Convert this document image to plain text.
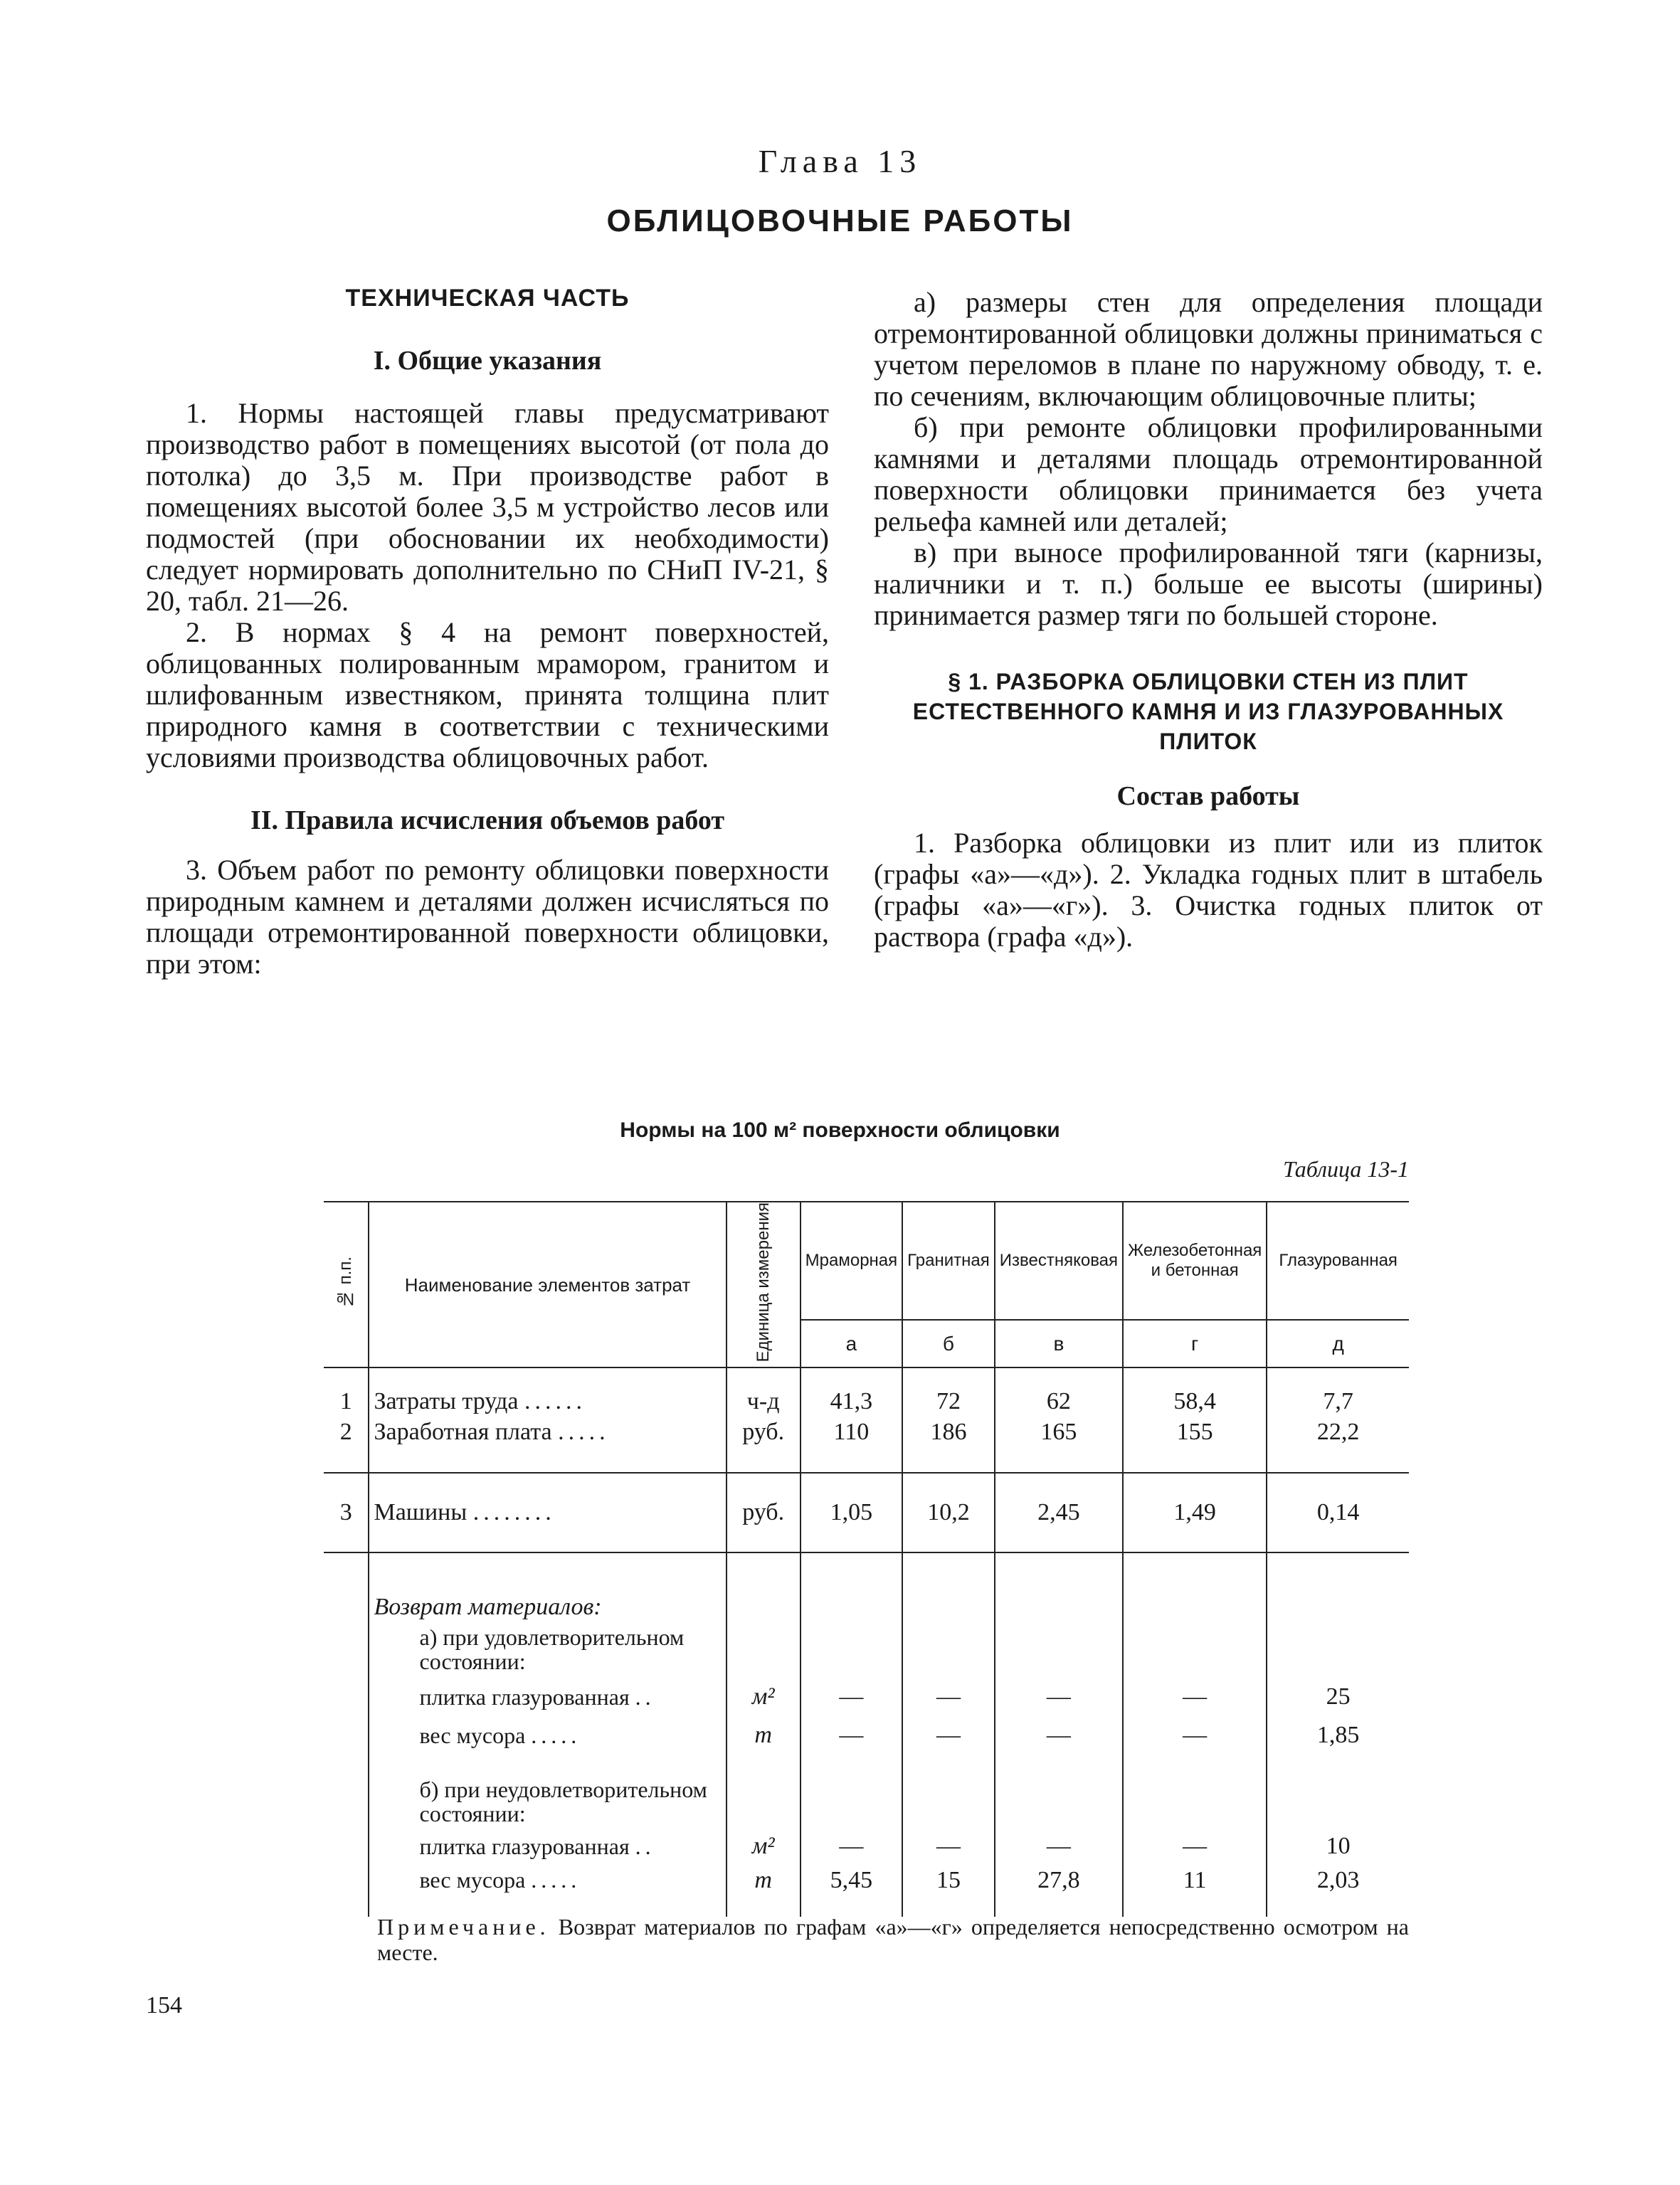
Глава 13
ОБЛИЦОВОЧНЫЕ РАБОТЫ
ТЕХНИЧЕСКАЯ ЧАСТЬ
I. Общие указания

1. Нормы настоящей главы предусматривают производство работ в помещениях высотой (от пола до потолка) до 3,5 м. При производстве работ в помещениях высотой более 3,5 м устройство лесов или подмостей (при обосновании их необходимости) следует нормировать дополнительно по СНиП IV-21, § 20, табл. 21—26.

2. В нормах § 4 на ремонт поверхностей, облицованных полированным мрамором, гранитом и шлифованным известняком, принята толщина плит природного камня в соответствии с техническими условиями производства облицовочных работ.

II. Правила исчисления объемов работ

3. Объем работ по ремонту облицовки поверхности природным камнем и деталями должен исчисляться по площади отремонтированной поверхности облицовки, при этом:

а) размеры стен для определения площади отремонтированной облицовки должны приниматься с учетом переломов в плане по наружному обводу, т. е. по сечениям, включающим облицовочные плиты;

б) при ремонте облицовки профилированными камнями и деталями площадь отремонтированной поверхности облицовки принимается без учета рельефа камней или деталей;

в) при выносе профилированной тяги (карнизы, наличники и т. п.) больше ее высоты (ширины) принимается размер тяги по большей стороне.

§ 1. РАЗБОРКА ОБЛИЦОВКИ СТЕН ИЗ ПЛИТ ЕСТЕСТВЕННОГО КАМНЯ И ИЗ ГЛАЗУРОВАННЫХ ПЛИТОК
Состав работы

1. Разборка облицовки из плит или из плиток (графы «а»—«д»). 2. Укладка годных плит в штабель (графы «а»—«г»). 3. Очистка годных плиток от раствора (графа «д»).

Нормы на 100 м² поверхности облицовки
Таблица 13-1
№ п.п.	Наименование элементов затрат	Единица измерения	Мраморная	Гранитная	Известняковая	Железобетонная и бетонная	Глазурованная
			а	б	в	г	д
1	Затраты труда ......	ч-д	41,3	72	62	58,4	7,7
2	Заработная плата .....	руб.	110	186	165	155	22,2
3	Машины ........	руб.	1,05	10,2	2,45	1,49	0,14
	Возврат материалов:						
	а) при удовлетворительном состоянии:						
	плитка глазурованная ..	м²	—	—	—	—	25
	вес мусора .....	т	—	—	—	—	1,85
	б) при неудовлетворительном состоянии:						
	плитка глазурованная ..	м²	—	—	—	—	10
	вес мусора .....	т	5,45	15	27,8	11	2,03
Примечание. Возврат материалов по графам «а»—«г» определяется непосредственно осмотром на месте.
154
